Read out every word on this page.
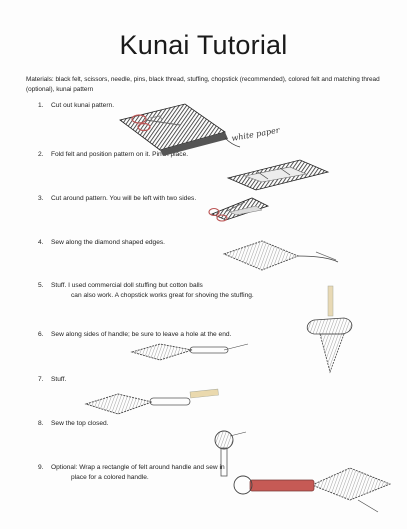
Kunai Tutorial
Materials: black felt, scissors, needle, pins, black thread, stuffing, chopstick (recommended), colored felt and matching thread (optional), kunai pattern
1. Cut out kunai pattern.
2. Fold felt and position pattern on it. Pin in place.
3. Cut around pattern. You will be left with two sides.
4. Sew along the diamond shaped edges.
5. Stuff. I used commercial doll stuffing but cotton balls
can also work. A chopstick works great for shoving the stuffing.
6. Sew along sides of handle; be sure to leave a hole at the end.
7. Stuff.
8. Sew the top closed.
9. Optional: Wrap a rectangle of felt around handle and sew in
place for a colored handle.
white paper
